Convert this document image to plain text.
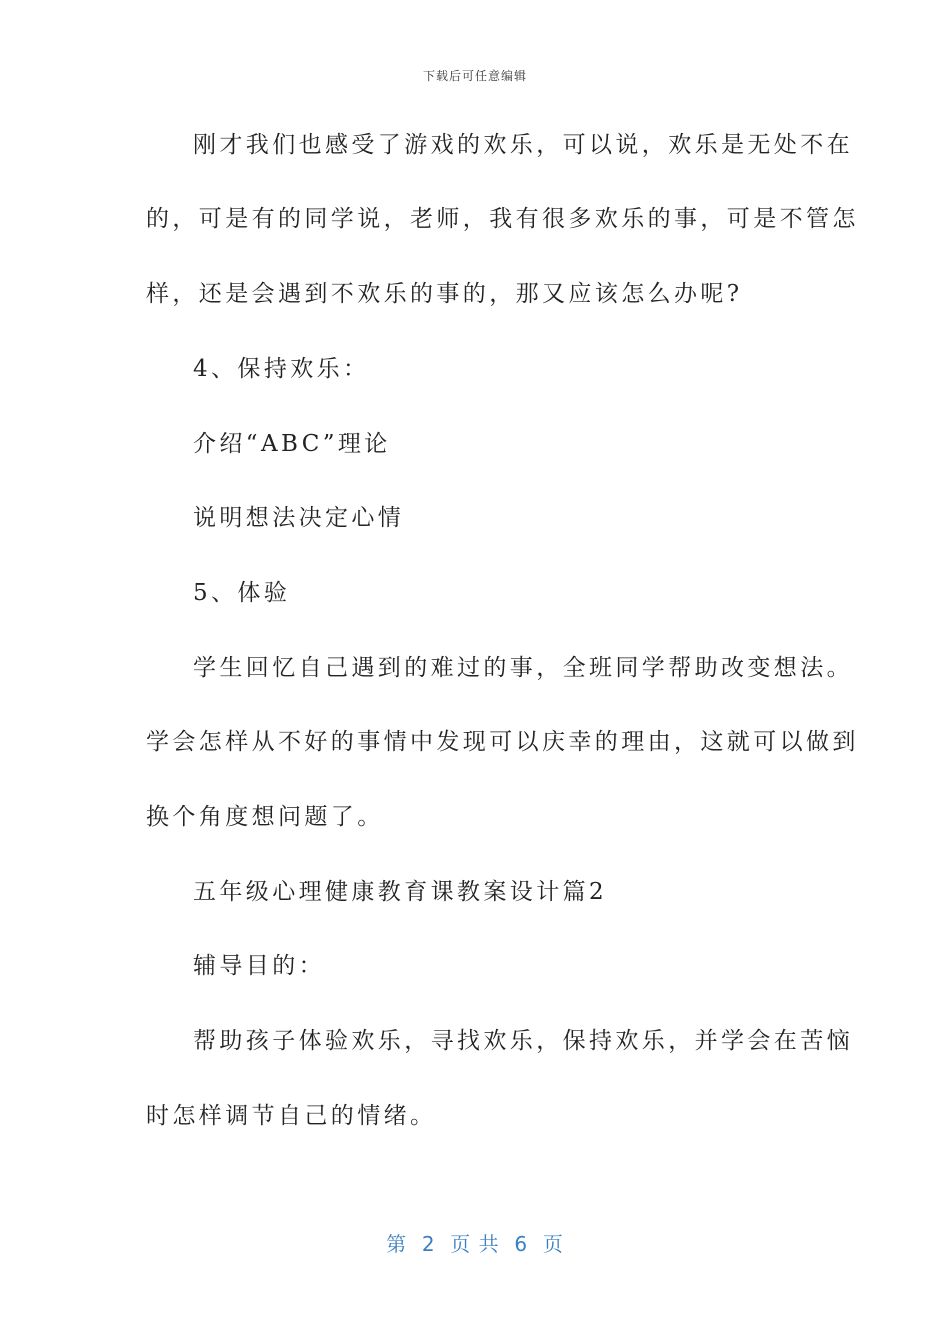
下载后可任意编辑
刚才我们也感受了游戏的欢乐，可以说，欢乐是无处不在
的，可是有的同学说，老师，我有很多欢乐的事，可是不管怎
样，还是会遇到不欢乐的事的，那又应该怎么办呢?
4、保持欢乐：
介绍“ABC”理论
说明想法决定心情
5、体验
学生回忆自己遇到的难过的事，全班同学帮助改变想法。
学会怎样从不好的事情中发现可以庆幸的理由，这就可以做到
换个角度想问题了。
五年级心理健康教育课教案设计篇2
辅导目的：
帮助孩子体验欢乐，寻找欢乐，保持欢乐，并学会在苦恼
时怎样调节自己的情绪。
第  2  页 共  6  页
